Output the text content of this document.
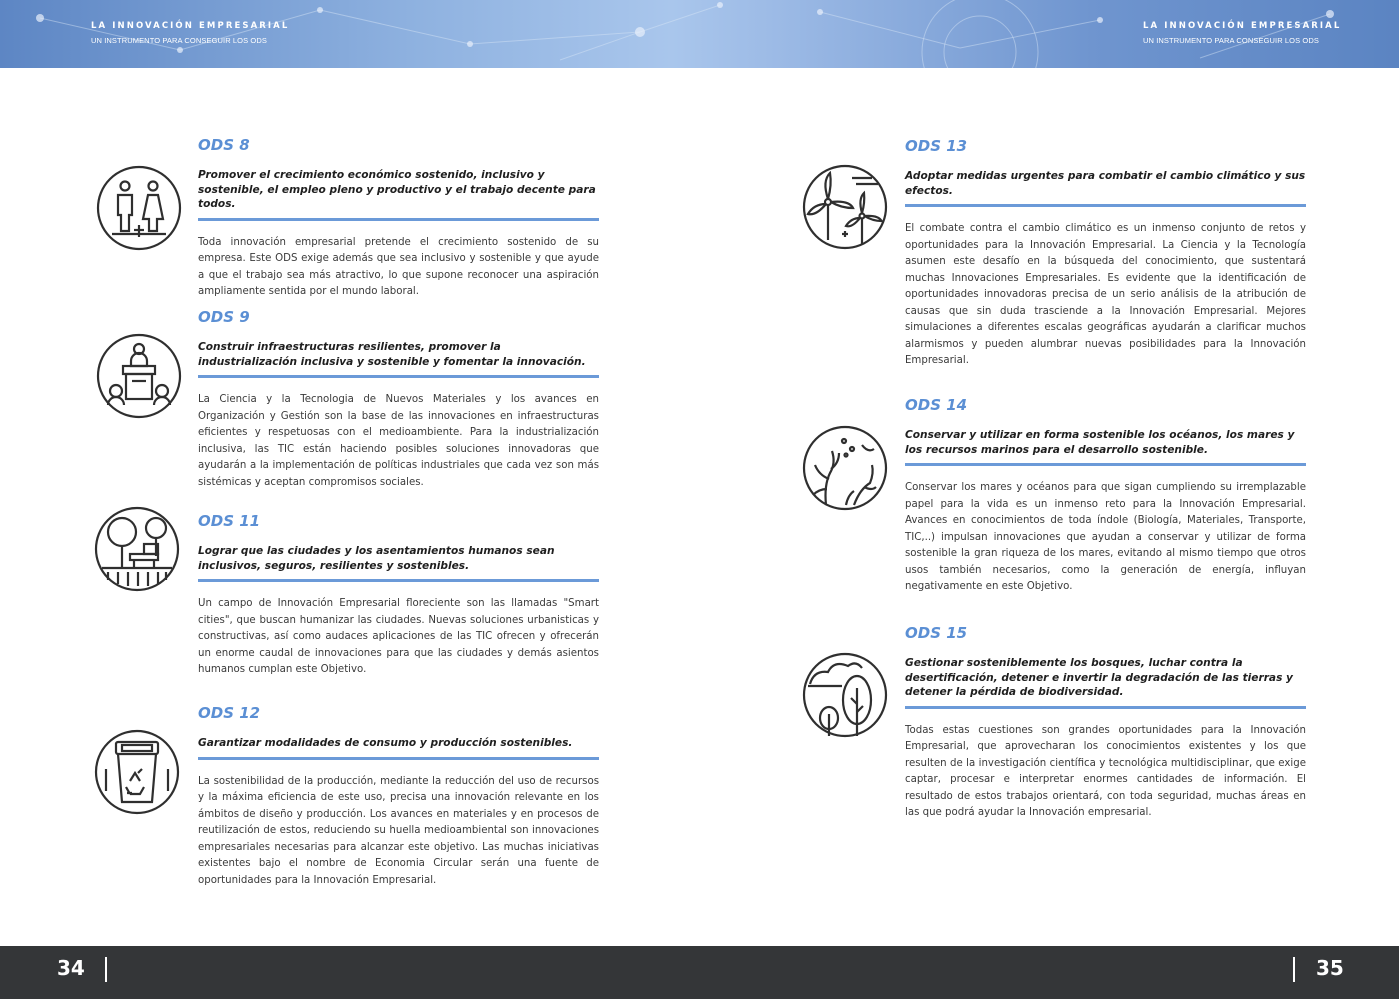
LA INNOVACIÓN EMPRESARIAL
UN INSTRUMENTO PARA CONSEGUIR LOS ODS
LA INNOVACIÓN EMPRESARIAL
UN INSTRUMENTO PARA CONSEGUIR LOS ODS
ODS 8
Promover el crecimiento económico sostenido, inclusivo y sostenible, el empleo pleno y productivo y el trabajo decente para todos.
Toda innovación empresarial pretende el crecimiento sostenido de su empresa. Este ODS exige además que sea inclusivo y sostenible y que ayude a que el trabajo sea más atractivo, lo que supone reconocer una aspiración ampliamente sentida por el mundo laboral.
ODS 9
Construir infraestructuras resilientes, promover la industrialización inclusiva y sostenible y fomentar la innovación.
La Ciencia y la Tecnologia de Nuevos Materiales y los avances en Organización y Gestión son la base de las innovaciones en infraestructuras eficientes y respetuosas con el medioambiente. Para la industrialización inclusiva, las TIC están haciendo posibles soluciones innovadoras que ayudarán a la implementación de políticas industriales que cada vez son más sistémicas y aceptan compromisos sociales.
ODS 11
Lograr que las ciudades y los asentamientos humanos sean inclusivos, seguros, resilientes y sostenibles.
Un campo de Innovación Empresarial floreciente son las llamadas "Smart cities", que buscan humanizar las ciudades. Nuevas soluciones urbanisticas y constructivas, así como audaces aplicaciones de las TIC ofrecen y ofrecerán un enorme caudal de innovaciones para que las ciudades y demás asientos humanos cumplan este Objetivo.
ODS 12
Garantizar modalidades de consumo y producción sostenibles.
La sostenibilidad de la producción, mediante la reducción del uso de recursos y la máxima eficiencia de este uso, precisa una innovación relevante en los ámbitos de diseño y producción. Los avances en materiales y en procesos de reutilización de estos, reduciendo su huella medioambiental son innovaciones empresariales necesarias para alcanzar este objetivo. Las muchas iniciativas existentes bajo el nombre de Economia Circular serán una fuente de oportunidades para la Innovación Empresarial.
ODS 13
Adoptar medidas urgentes para combatir el cambio climático y sus efectos.
El combate contra el cambio climático es un inmenso conjunto de retos y oportunidades para la Innovación Empresarial. La Ciencia y la Tecnología asumen este desafío en la búsqueda del conocimiento, que sustentará muchas Innovaciones Empresariales. Es evidente que la identificación de oportunidades innovadoras precisa de un serio análisis de la atribución de causas que sin duda trasciende a la Innovación Empresarial. Mejores simulaciones a diferentes escalas geográficas ayudarán a clarificar muchos alarmismos y pueden alumbrar nuevas posibilidades para la Innovación Empresarial.
ODS 14
Conservar y utilizar en forma sostenible los océanos, los mares y los recursos marinos para el desarrollo sostenible.
Conservar los mares y océanos para que sigan cumpliendo su irremplazable papel para la vida es un inmenso reto para la Innovación Empresarial. Avances en conocimientos de toda índole (Biología, Materiales, Transporte, TIC,..) impulsan innovaciones que ayudan a conservar y utilizar de forma sostenible la gran riqueza de los mares, evitando al mismo tiempo que otros usos también necesarios, como la generación de energía, influyan negativamente en este Objetivo.
ODS 15
Gestionar sosteniblemente los bosques, luchar contra la desertificación, detener e invertir la degradación de las tierras y detener la pérdida de biodiversidad.
Todas estas cuestiones son grandes oportunidades para la Innovación Empresarial, que aprovecharan los conocimientos existentes y los que resulten de la investigación científica y tecnológica multidisciplinar, que exige captar, procesar e interpretar enormes cantidades de información. El resultado de estos trabajos orientará, con toda seguridad, muchas áreas en las que podrá ayudar la Innovación empresarial.
34	35
